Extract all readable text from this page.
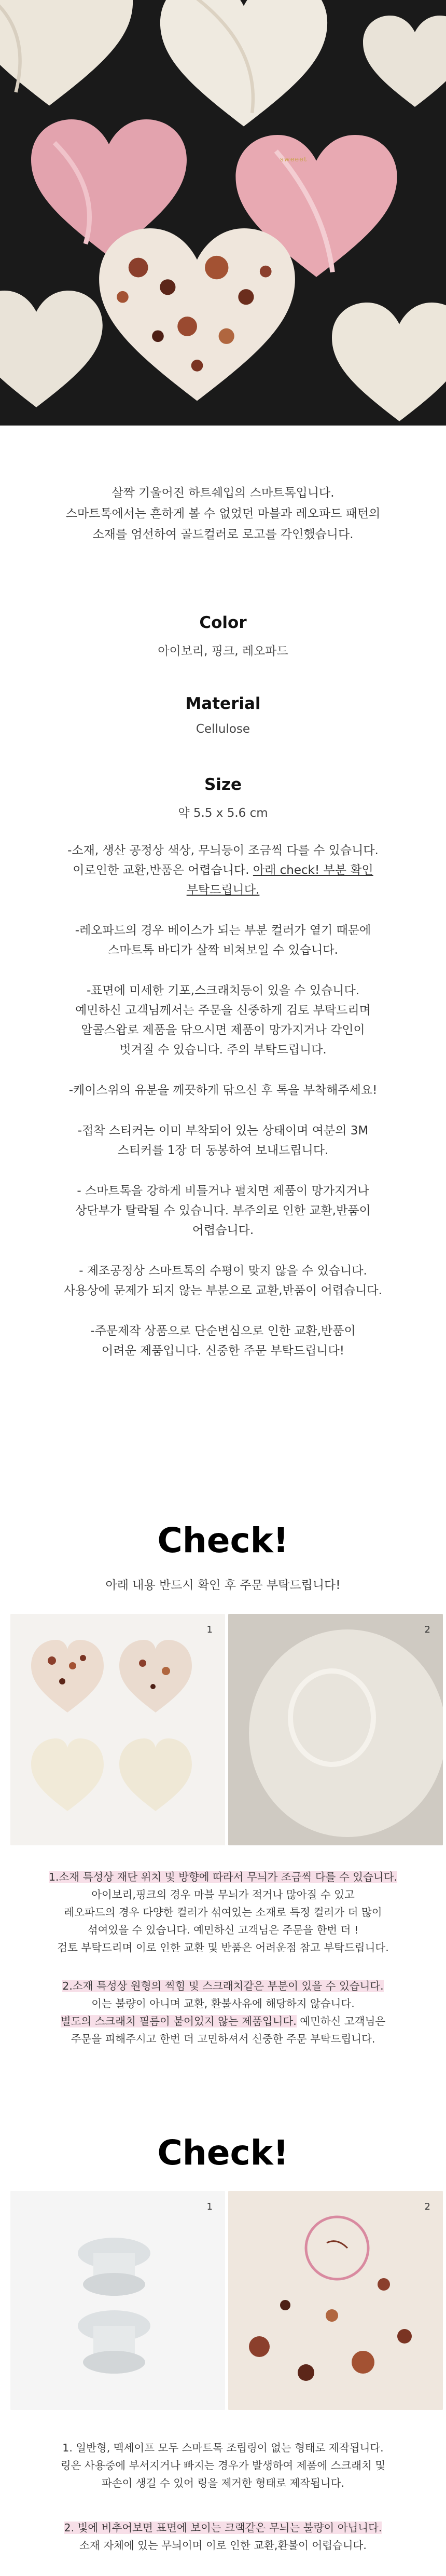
sweeet
살짝 기울어진 하트쉐입의 스마트톡입니다.
스마트톡에서는 흔하게 볼 수 없었던 마블과 레오파드 패턴의
소재를 엄선하여 골드컬러로 로고를 각인했습니다.
Color
아이보리, 핑크, 레오파드
Material
Cellulose
Size
약 5.5 x 5.6 cm
-소재, 생산 공정상 색상, 무늬등이 조금씩 다를 수 있습니다.
이로인한 교환,반품은 어렵습니다. 아래 check! 부분 확인
부탁드립니다.
-레오파드의 경우 베이스가 되는 부분 컬러가 옅기 때문에
스마트톡 바디가 살짝 비쳐보일 수 있습니다.
-표면에 미세한 기포,스크래치등이 있을 수 있습니다.
예민하신 고객님께서는 주문을 신중하게 검토 부탁드리며
알콜스왑로 제품을 닦으시면 제품이 망가지거나 각인이
벗겨질 수 있습니다. 주의 부탁드립니다.
-케이스위의 유분을 깨끗하게 닦으신 후 톡을 부착해주세요!
-접착 스티커는 이미 부착되어 있는 상태이며 여분의 3M
스티커를 1장 더 동봉하여 보내드립니다.
- 스마트톡을 강하게 비틀거나 펼치면 제품이 망가지거나
상단부가 탈락될 수 있습니다. 부주의로 인한 교환,반품이
어렵습니다.
- 제조공정상 스마트톡의 수평이 맞지 않을 수 있습니다.
사용상에 문제가 되지 않는 부분으로 교환,반품이 어렵습니다.
-주문제작 상품으로 단순변심으로 인한 교환,반품이
어려운 제품입니다. 신중한 주문 부탁드립니다!
Check!
아래 내용 반드시 확인 후 주문 부탁드립니다!
1	2
1.소재 특성상 재단 위치 및 방향에 따라서 무늬가 조금씩 다를 수 있습니다.
아이보리,핑크의 경우 마블 무늬가 적거나 많아질 수 있고
레오파드의 경우 다양한 컬러가 섞여있는 소재로 특정 컬러가 더 많이
섞여있을 수 있습니다. 예민하신 고객님은 주문을 한번 더 !
검토 부탁드리며 이로 인한 교환 및 반품은 어려운점 참고 부탁드립니다.
2.소재 특성상 원형의 찍힘 및 스크래치같은 부분이 있을 수 있습니다.
이는 불량이 아니며 교환, 환불사유에 해당하지 않습니다.
별도의 스크래치 필름이 붙어있지 않는 제품입니다. 예민하신 고객님은
주문을 피해주시고 한번 더 고민하셔서 신중한 주문 부탁드립니다.
Check!
1	2
1. 일반형, 맥세이프 모두 스마트톡 조립링이 없는 형태로 제작됩니다.
링은 사용중에 부서지거나 빠지는 경우가 발생하여 제품에 스크래치 및
파손이 생길 수 있어 링을 제거한 형태로 제작됩니다.
2. 빛에 비추어보면 표면에 보이는 크랙같은 무늬는 불량이 아닙니다.
소재 자체에 있는 무늬이며 이로 인한 교환,환불이 어렵습니다.
